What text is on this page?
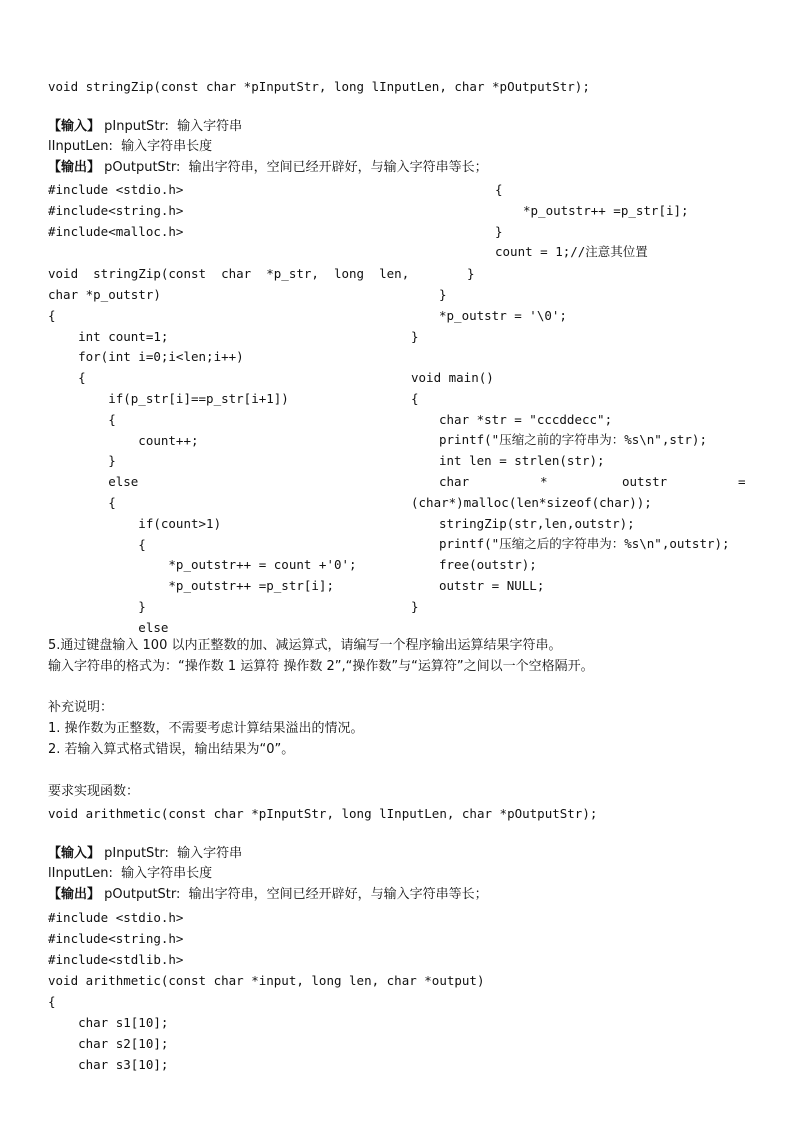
void stringZip(const char *pInputStr, long lInputLen, char *pOutputStr);
【输入】 pInputStr:  输入字符串
lInputLen:  输入字符串长度
【输出】 pOutputStr:  输出字符串，空间已经开辟好，与输入字符串等长；
#include <stdio.h>
#include<string.h>
#include<malloc.h>
void  stringZip(const  char  *p_str,  long  len,
char *p_outstr)
{
int count=1;
for(int i=0;i<len;i++)
{
if(p_str[i]==p_str[i+1])
{
count++;
}
else
{
if(count>1)
{
*p_outstr++ = count +'0';
*p_outstr++ =p_str[i];
}
else
{
*p_outstr++ =p_str[i];
}
count = 1;//注意其位置
}
}
*p_outstr = '\0';
}
void main()
{
char *str = "cccddecc";
printf("压缩之前的字符串为：%s\n",str);
int len = strlen(str);
char	*	outstr	=
(char*)malloc(len*sizeof(char));
stringZip(str,len,outstr);
printf("压缩之后的字符串为：%s\n",outstr);
free(outstr);
outstr = NULL;
}
5.通过键盘输入 100 以内正整数的加、减运算式，请编写一个程序输出运算结果字符串。
输入字符串的格式为：“操作数 1 运算符 操作数 2”,“操作数”与“运算符”之间以一个空格隔开。
补充说明：
1. 操作数为正整数，不需要考虑计算结果溢出的情况。
2. 若输入算式格式错误，输出结果为“0”。
要求实现函数：
void arithmetic(const char *pInputStr, long lInputLen, char *pOutputStr);
【输入】 pInputStr:  输入字符串
lInputLen:  输入字符串长度
【输出】 pOutputStr:  输出字符串，空间已经开辟好，与输入字符串等长；
#include <stdio.h>
#include<string.h>
#include<stdlib.h>
void arithmetic(const char *input, long len, char *output)
{
char s1[10];
char s2[10];
char s3[10];
